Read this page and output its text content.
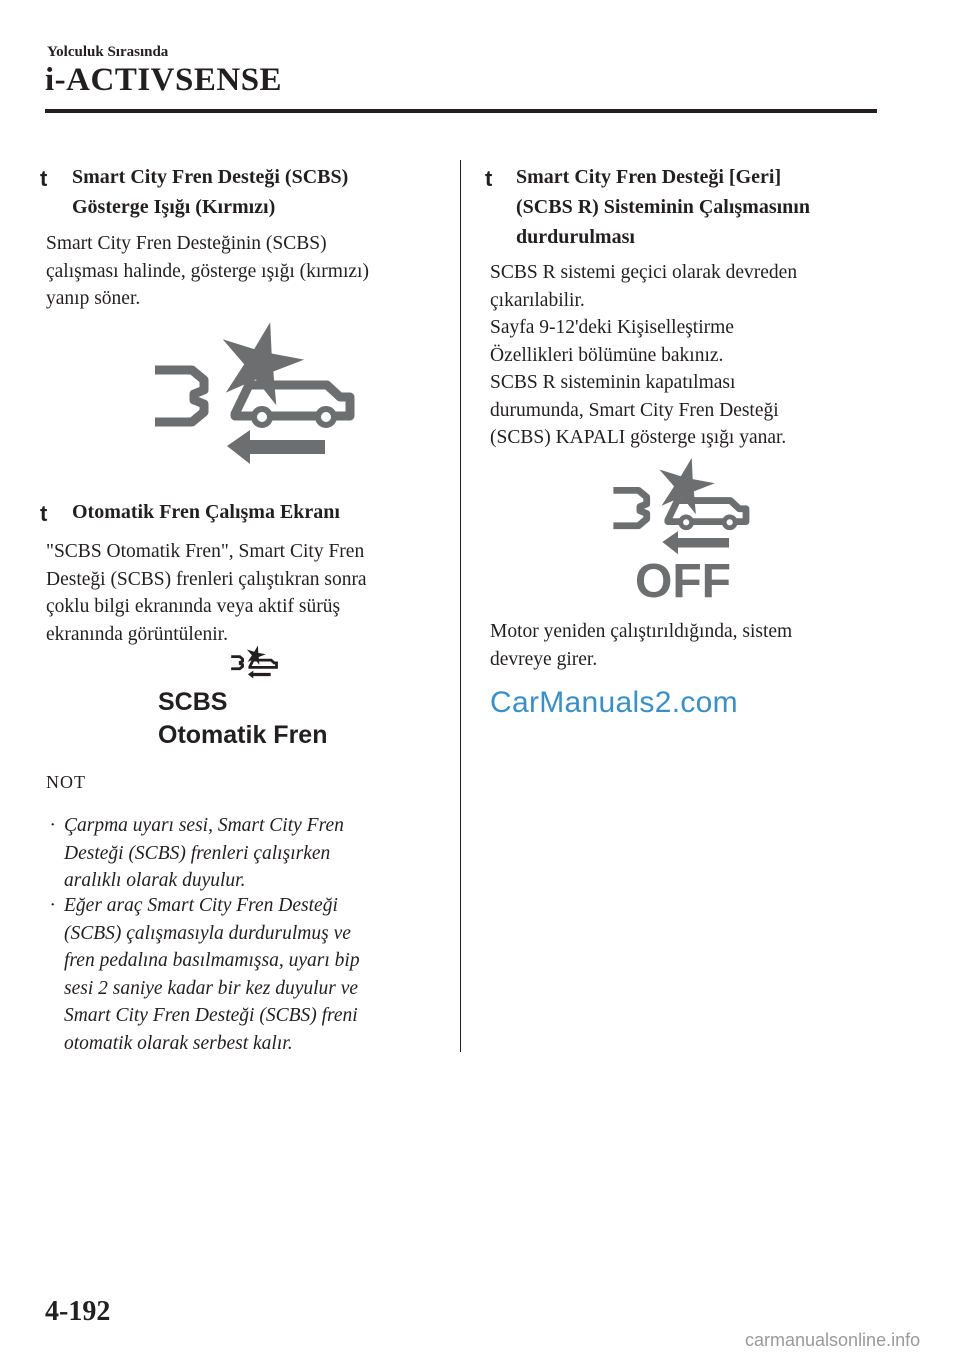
Yolculuk Sırasında
i-ACTIVSENSE
t Smart City Fren Desteği (SCBS)
Gösterge Işığı (Kırmızı)
Smart City Fren Desteğinin (SCBS)
çalışması halinde, gösterge ışığı (kırmızı)
yanıp söner.
t Otomatik Fren Çalışma Ekranı
"SCBS Otomatik Fren", Smart City Fren
Desteği (SCBS) frenleri çalıştıkran sonra
çoklu bilgi ekranında veya aktif sürüş
ekranında görüntülenir.
SCBS
Otomatik Fren
NOT
· Çarpma uyarı sesi, Smart City Fren
Desteği (SCBS) frenleri çalışırken
aralıklı olarak duyulur.
· Eğer araç Smart City Fren Desteği
(SCBS) çalışmasıyla durdurulmuş ve
fren pedalına basılmamışsa, uyarı bip
sesi 2 saniye kadar bir kez duyulur ve
Smart City Fren Desteği (SCBS) freni
otomatik olarak serbest kalır.
t Smart City Fren Desteği [Geri]
(SCBS R) Sisteminin Çalışmasının
durdurulması
SCBS R sistemi geçici olarak devreden
çıkarılabilir.
Sayfa 9-12'deki Kişiselleştirme
Özellikleri bölümüne bakınız.
SCBS R sisteminin kapatılması
durumunda, Smart City Fren Desteği
(SCBS) KAPALI gösterge ışığı yanar.
OFF
Motor yeniden çalıştırıldığında, sistem
devreye girer.
CarManuals2.com
4-192
carmanualsonline.info
